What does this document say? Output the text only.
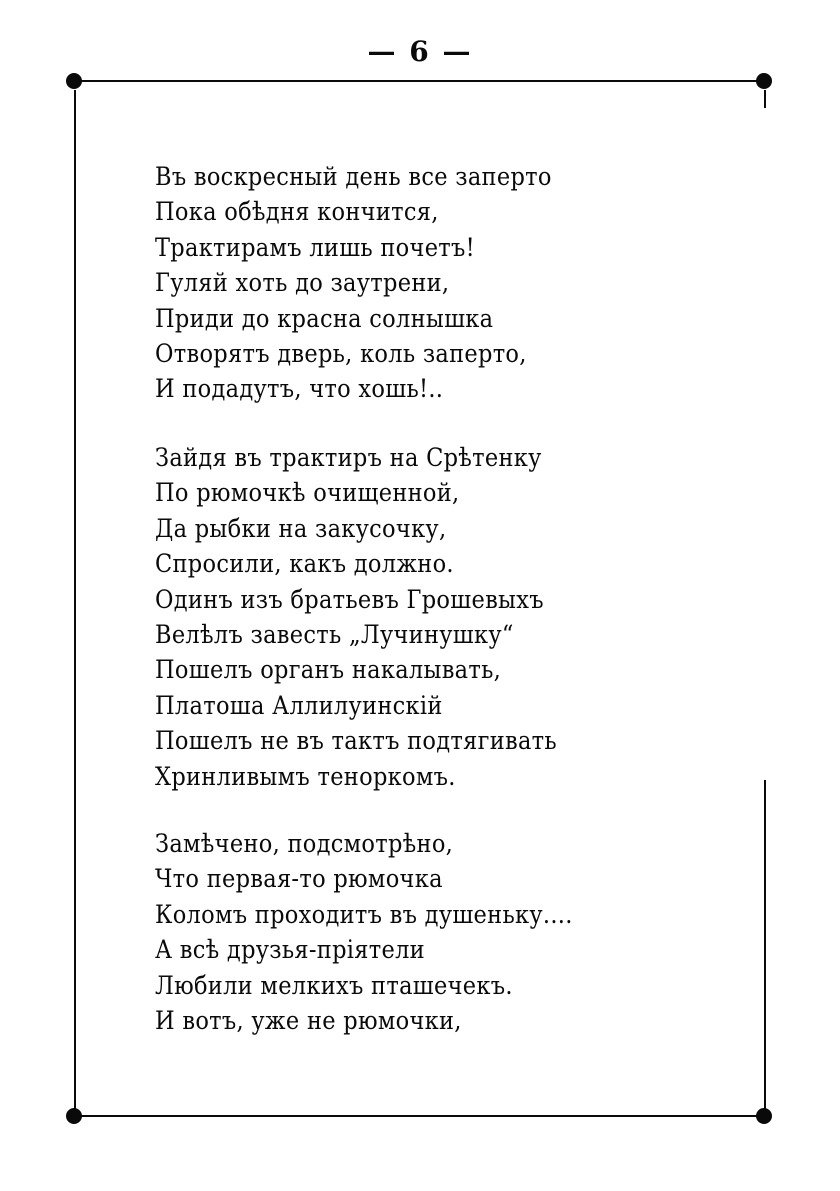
— 6 —
Въ воскресный день все заперто
Пока обѣдня кончится,
Трактирамъ лишь почетъ!
Гуляй хоть до заутрени,
Приди до красна солнышка
Отворятъ дверь, коль заперто,
И подадутъ, что хошь!..
Зайдя въ трактиръ на Срѣтенку
По рюмочкѣ очищенной,
Да рыбки на закусочку,
Спросили, какъ должно.
Одинъ изъ братьевъ Грошевыхъ
Велѣлъ завесть „Лучинушку“
Пошелъ органъ накалывать,
Платоша Аллилуинскій
Пошелъ не въ тактъ подтягивать
Хринливымъ теноркомъ.
Замѣчено, подсмотрѣно,
Что первая-то рюмочка
Коломъ проходитъ въ душеньку....
А всѣ друзья-пріятели
Любили мелкихъ пташечекъ.
И вотъ, уже не рюмочки,
